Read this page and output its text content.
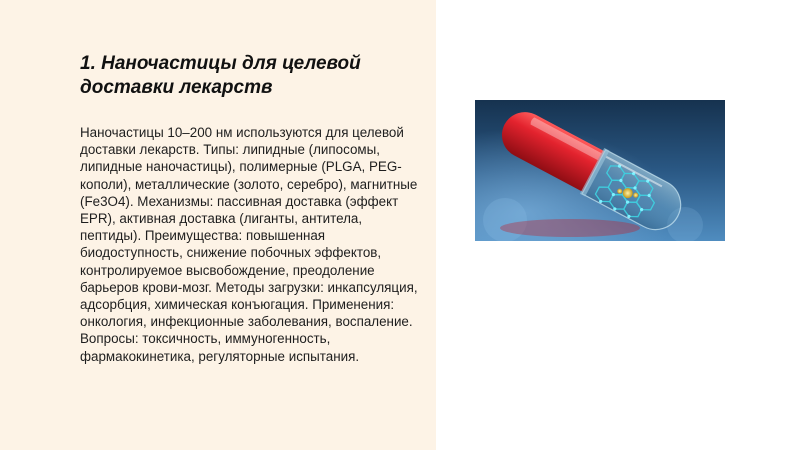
1. Наночастицы для целевой доставки лекарств

Наночастицы 10–200 нм используются для целевой доставки лекарств. Типы: липидные (липосомы, липидные наночастицы), полимерные (PLGA, PEG-кополи), металлические (золото, серебро), магнитные (Fe3O4). Механизмы: пассивная доставка (эффект EPR), активная доставка (лиганты, антитела, пептиды). Преимущества: повышенная биодоступность, снижение побочных эффектов, контролируемое высвобождение, преодоление барьеров крови-мозг. Методы загрузки: инкапсуляция, адсорбция, химическая конъюгация. Применения: онкология, инфекционные заболевания, воспаление. Вопросы: токсичность, иммуногенность, фармакокинетика, регуляторные испытания.
